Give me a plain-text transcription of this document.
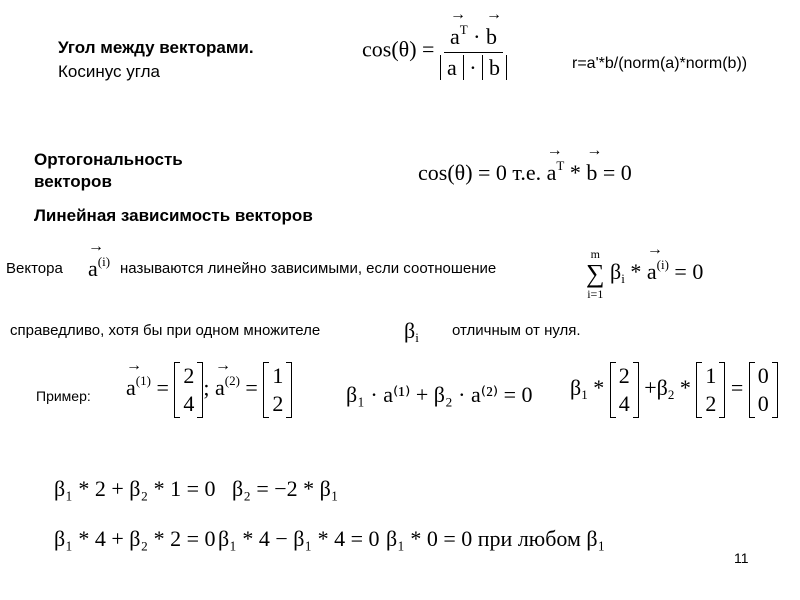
Угол между векторами.
Косинус угла
cos(θ) = →
$a^T$ ·
→
b
a · b	r=a'*b/(norm(a)*norm(b))
Ортогональность
векторов	cos(θ) = 0 т.е.
→
$a^T$ *
→
b = 0
Линейная зависимость векторов
Вектора
→
$a^{(i)}$ называются линейно зависимыми, если соотношение
m
∑
i=1
$\beta_i$ *
→
$a^{(i)} = 0$
справедливо, хотя бы при одном множителе	$\beta_i$ отличным от нуля.
Пример:
→
$a^{(1)} = 2$
4
;
→
$a^{(2)} = 1$
2	β₁ · a⁽¹⁾ + β₂ · a⁽²⁾ = 0 $\beta_1 * 2$
4
$+\beta_2 * 1$
2
= 0
0
β₁ * 2 + β₂ * 1 = 0 β₂ = −2 * β₁
β₁ * 4 + β₂ * 2 = 0 β₁ * 4 − β₁ * 4 = 0 β₁ * 0 = 0 при любом β₁
11
